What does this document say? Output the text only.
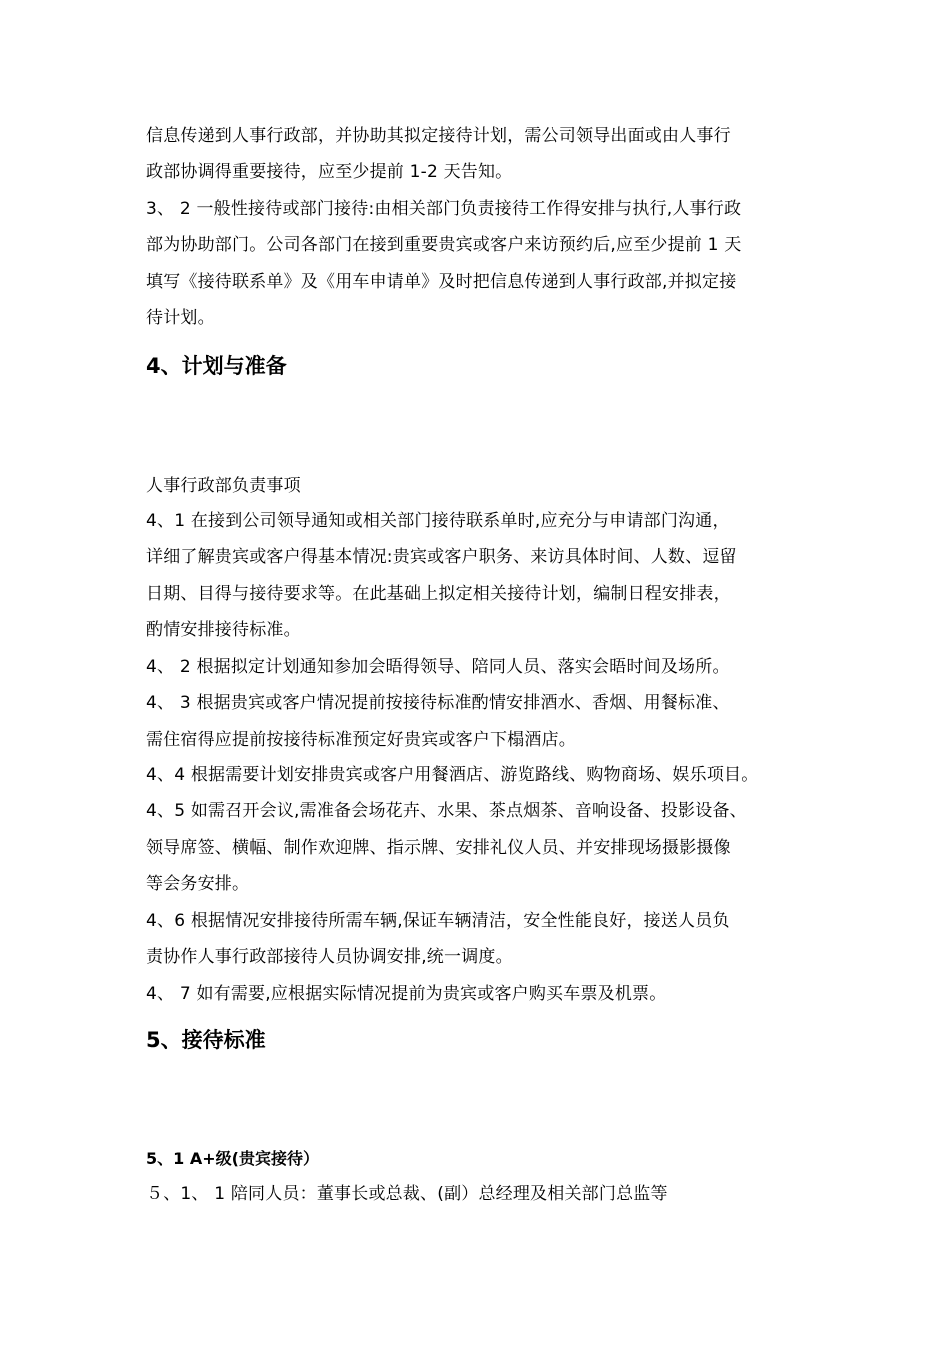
信息传递到人事行政部，并协助其拟定接待计划，需公司领导出面或由人事行
政部协调得重要接待，应至少提前 1-2 天告知。
3、 2 一般性接待或部门接待:由相关部门负责接待工作得安排与执行,人事行政
部为协助部门。公司各部门在接到重要贵宾或客户来访预约后,应至少提前 1 天
填写《接待联系单》及《用车申请单》及时把信息传递到人事行政部,并拟定接
待计划。
4、计划与准备
人事行政部负责事项
4、1 在接到公司领导通知或相关部门接待联系单时,应充分与申请部门沟通，
详细了解贵宾或客户得基本情况:贵宾或客户职务、来访具体时间、人数、逗留
日期、目得与接待要求等。在此基础上拟定相关接待计划，编制日程安排表，
酌情安排接待标准。
4、 2 根据拟定计划通知参加会晤得领导、陪同人员、落实会晤时间及场所。
4、 3 根据贵宾或客户情况提前按接待标准酌情安排酒水、香烟、用餐标准、
需住宿得应提前按接待标准预定好贵宾或客户下榻酒店。
4、4 根据需要计划安排贵宾或客户用餐酒店、游览路线、购物商场、娱乐项目。
4、5 如需召开会议,需准备会场花卉、水果、茶点烟茶、音响设备、投影设备、
领导席签、横幅、制作欢迎牌、指示牌、安排礼仪人员、并安排现场摄影摄像
等会务安排。
4、6 根据情况安排接待所需车辆,保证车辆清洁，安全性能良好，接送人员负
责协作人事行政部接待人员协调安排,统一调度。
4、 7 如有需要,应根据实际情况提前为贵宾或客户购买车票及机票。
5、接待标准
5、1 A+级(贵宾接待）
５、1、 1 陪同人员：董事长或总裁、(副）总经理及相关部门总监等
